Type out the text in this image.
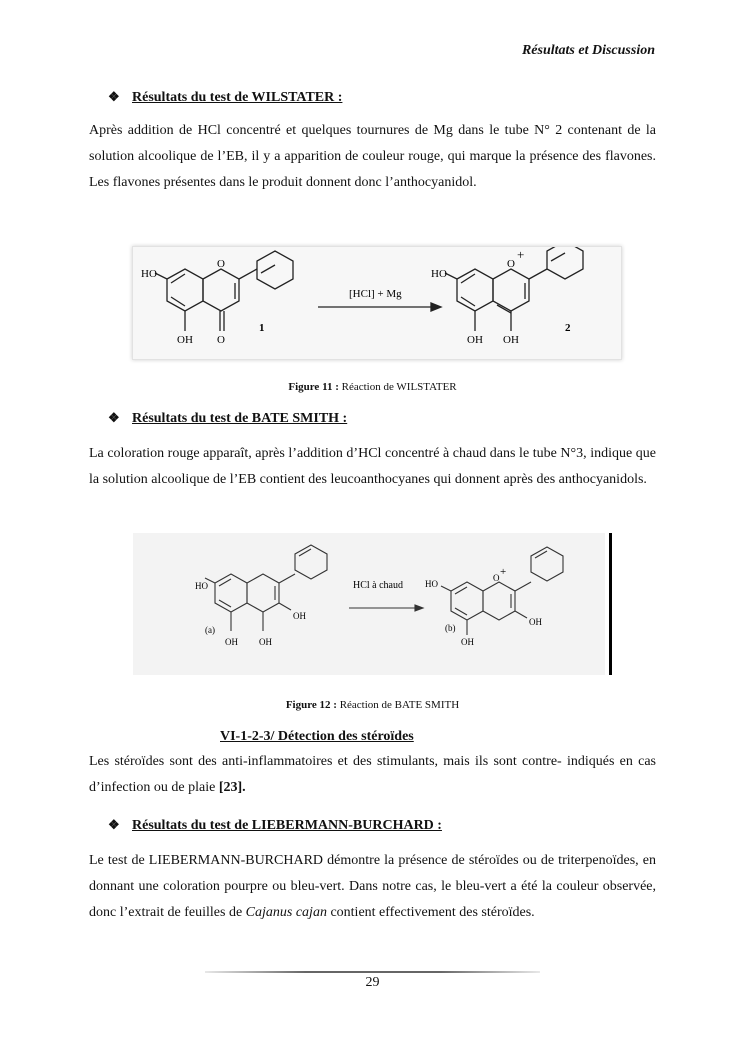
Résultats et Discussion
❖ Résultats du test de WILSTATER :
Après addition de HCl concentré et quelques tournures de Mg dans le tube N° 2 contenant de la solution alcoolique de l’EB, il y a apparition de couleur rouge, qui marque la présence des flavones. Les flavones présentes dans le produit donnent donc l’anthocyanidol.
HO
O
OH O
1
[HCl] + Mg
HO
O
+
OH OH
2
Figure 11 : Réaction de WILSTATER
❖ Résultats du test de BATE SMITH :
La coloration rouge apparaît, après l’addition d’HCl concentré à chaud dans le tube N°3, indique que la solution alcoolique de l’EB contient des leucoanthocyanes qui donnent après des anthocyanidols.
HO
(a)
OH
OH OH
HCl à chaud HO
O +
(b)
OH
OH
Figure 12 : Réaction de BATE SMITH
VI-1-2-3/ Détection des stéroïdes
Les stéroïdes sont des anti-inflammatoires et des stimulants, mais ils sont contre- indiqués en cas d’infection ou de plaie [23].
❖ Résultats du test de LIEBERMANN-BURCHARD :
Le test de LIEBERMANN-BURCHARD démontre la présence de stéroïdes ou de triterpenoïdes, en donnant une coloration pourpre ou bleu-vert. Dans notre cas, le bleu-vert a été la couleur observée, donc l’extrait de feuilles de Cajanus cajan contient effectivement des stéroïdes.
29
